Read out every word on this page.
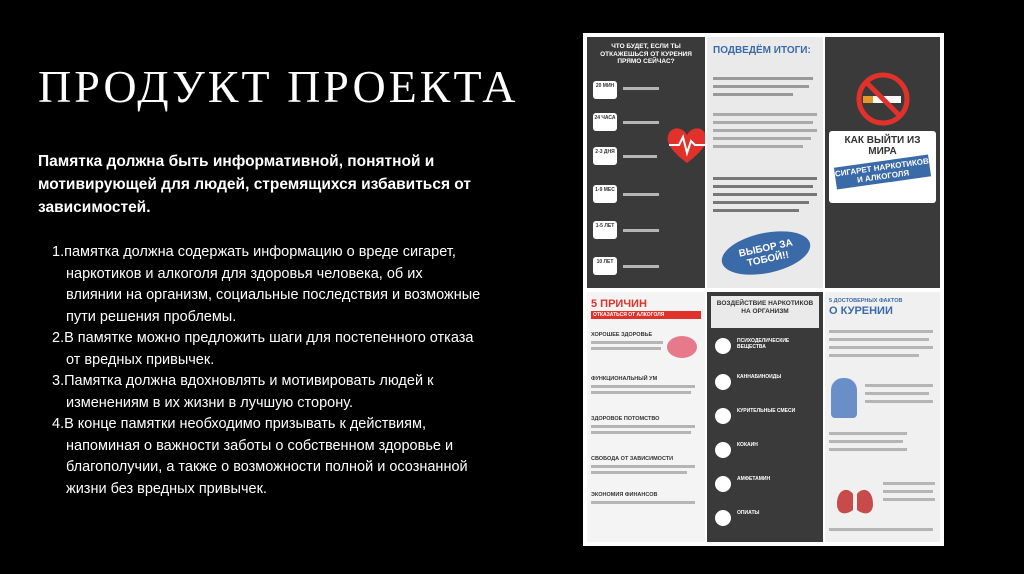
ПРОДУКТ ПРОЕКТА
Памятка должна быть информативной, понятной и мотивирующей для людей, стремящихся избавиться от зависимостей.
1.памятка должна содержать информацию о вреде сигарет, наркотиков и алкоголя для здоровья человека, об их влиянии на организм, социальные последствия и возможные пути решения проблемы.
2.В памятке можно предложить шаги для постепенного отказа от вредных привычек.
3.Памятка должна вдохновлять и мотивировать людей к изменениям в их жизни в лучшую сторону.
4.В конце памятки необходимо призывать к действиям, напоминая о важности заботы о собственном здоровье и благополучии, а также о возможности полной и осознанной жизни без вредных привычек.
ЧТО БУДЕТ, ЕСЛИ ТЫ ОТКАЖЕШЬСЯ ОТ КУРЕНИЯ ПРЯМО СЕЙЧАС?
20 МИН
24 ЧАСА
2-3 ДНЯ
1-9 МЕС
1-5 ЛЕТ
10 ЛЕТ
ПОДВЕДЁМ ИТОГИ:
ВЫБОР ЗА ТОБОЙ!!
КАК ВЫЙТИ ИЗ МИРА
СИГАРЕТ НАРКОТИКОВ И АЛКОГОЛЯ
5 ПРИЧИН
ОТКАЗАТЬСЯ ОТ АЛКОГОЛЯ
ХОРОШЕЕ ЗДОРОВЬЕ
ФУНКЦИОНАЛЬНЫЙ УМ
ЗДОРОВОЕ ПОТОМСТВО
СВОБОДА ОТ ЗАВИСИМОСТИ
ЭКОНОМИЯ ФИНАНСОВ
ВОЗДЕЙСТВИЕ НАРКОТИКОВ НА ОРГАНИЗМ
ПСИХОДЕЛИЧЕСКИЕ ВЕЩЕСТВА
КАННАБИНОИДЫ
КУРИТЕЛЬНЫЕ СМЕСИ
КОКАИН
АМФЕТАМИН
ОПИАТЫ
5 ДОСТОВЕРНЫХ ФАКТОВ
О КУРЕНИИ
